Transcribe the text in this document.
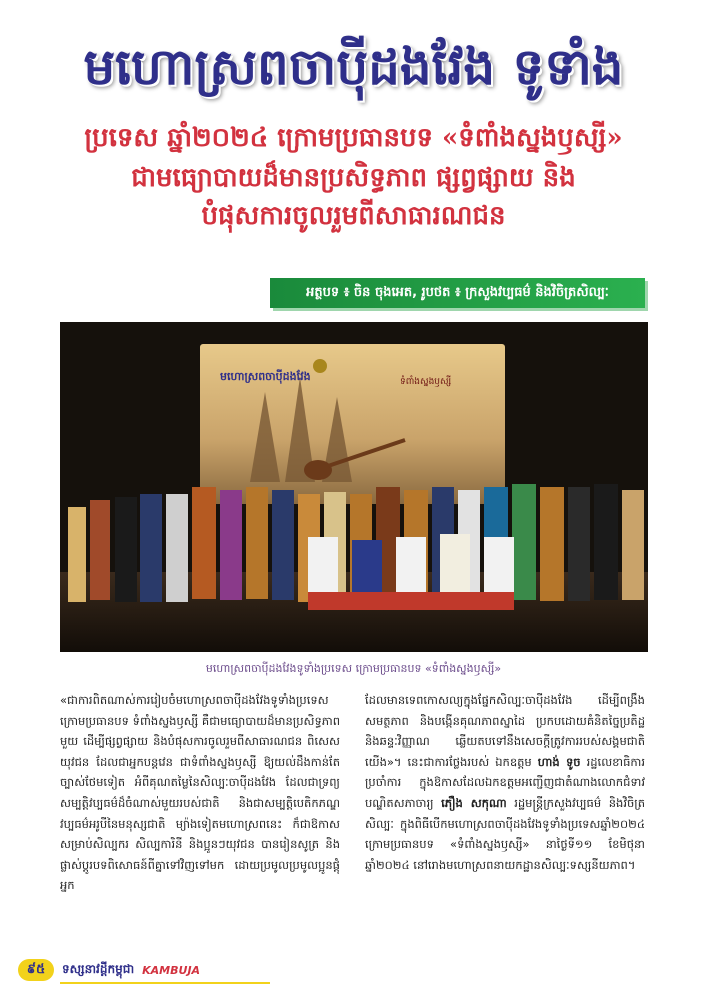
មហោស្រពចាប៉ីដងវែង ទូទាំង
ប្រទេស ឆ្នាំ២០២៤ ក្រោមប្រធានបទ «ទំពាំងស្នងឫស្សី»
ជាមធ្យោបាយដ៏មានប្រសិទ្ធភាព ផ្សព្វផ្សាយ និង
បំផុសការចូលរួមពីសាធារណជន
អត្ថបទ ៖ ចិន ចុងអេត, រូបថត ៖ ក្រសួងវប្បធម៌ និងវិចិត្រសិល្បៈ
មហោស្រពចាប៉ីដងវែង	ទំពាំងស្នងឫស្សី
មហោស្រពចាប៉ីដងវែងទូទាំងប្រទេស ក្រោមប្រធានបទ «ទំពាំងស្នងឫស្សី»

«ជាការពិតណាស់ការរៀបចំមហោស្រពចាប៉ីដងវែងទូទាំងប្រទេស ក្រោមប្រធានបទ ទំពាំងស្នងឫស្សី គឺជាមធ្យោបាយដ៏មានប្រសិទ្ធភាពមួយ ដើម្បីផ្សព្វផ្សាយ និងបំផុសការចូលរួមពីសាធារណជន ពិសេសយុវជន ដែលជាអ្នកបន្តវេន ជាទំពាំងស្នងឫស្សី ឱ្យយល់ដឹងកាន់តែច្បាស់ថែមទៀត អំពីគុណតម្លៃនៃសិល្បៈចាប៉ីដងវែង ដែលជាទ្រព្យសម្បត្តិវប្បធម៌ដ៏ចំណាស់មួយរបស់ជាតិ និងជាសម្បត្តិបេតិកភណ្ឌវប្បធម៌អរូបីនៃមនុស្សជាតិ ម្យ៉ាងទៀតមហោស្រពនេះ ក៏ជាឱកាសសម្រាប់សិល្បករ សិល្បការិនី និងប្អូនៗយុវជន បានរៀនសូត្រ និងផ្លាស់ប្ដូរបទពិសោធន៍ពីគ្នាទៅវិញទៅមក ដោយប្រមូលប្រមូលប្អូនផ្ដុំអ្នក

ដែលមានទេពកោសល្យក្នុងផ្នែកសិល្បៈចាប៉ីដងវែង ដើម្បីពង្រឹងសមត្ថភាព និងបង្កើនគុណភាពស្នាដៃ ប្រកបដោយគំនិតច្នៃប្រតិដ្ឋ និងឆន្ទៈវិញ្ញាណ ឆ្លើយតបទៅនឹងសេចក្ដីត្រូវការរបស់សង្គមជាតិយើង»។ នេះជាការថ្លែងរបស់ ឯកឧត្តម ហាង់ ទូច រដ្ឋលេខាធិការប្រចាំការ ក្នុងឱកាសដែលឯកឧត្តមអញ្ជើញជាតំណាងលោកជំទាវបណ្ឌិតសភាចារ្យ ភឿង សកុណា រដ្ឋមន្ត្រីក្រសួងវប្បធម៌ និងវិចិត្រសិល្បៈ ក្នុងពិធីបើកមហោស្រពចាប៉ីដងវែងទូទាំងប្រទេសឆ្នាំ២០២៤ ក្រោមប្រធានបទ «ទំពាំងស្នងឫស្សី» នាថ្ងៃទី១១ ខែមិថុនា ឆ្នាំ២០២៤ នៅរោងមហោស្រពនាយកដ្ឋានសិល្បៈទស្សនីយភាព។

៩៥	ទស្សនាវដ្ដីកម្ពុជា KAMBUJA
